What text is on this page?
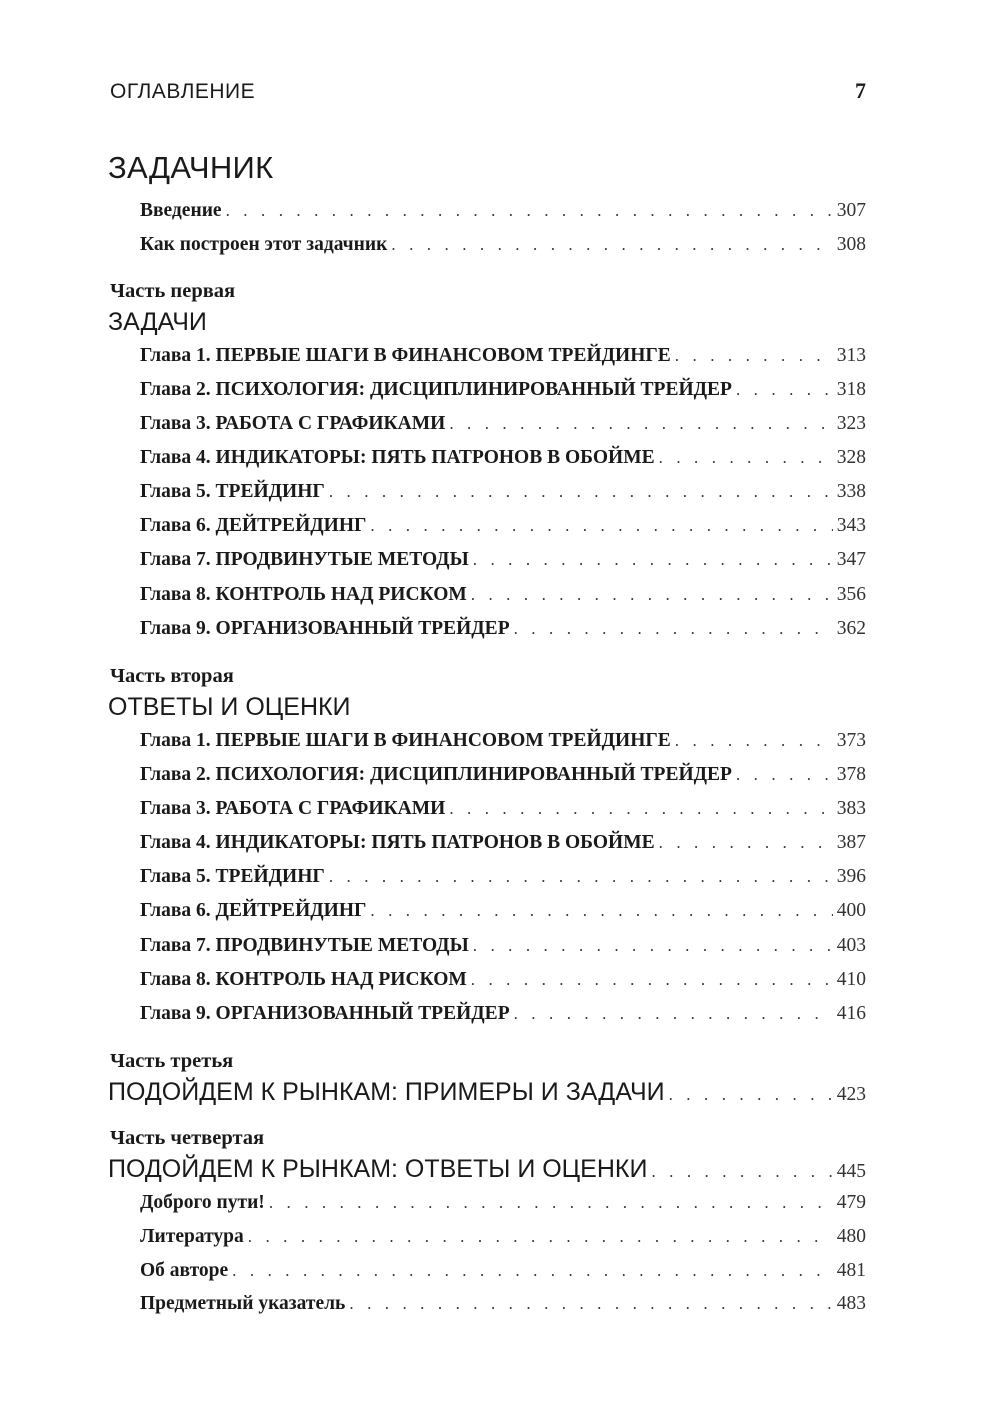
ОГЛАВЛЕНИЕ	7
ЗАДАЧНИК
Введение . . .	307
Как построен этот задачник . . .	308
Часть первая
ЗАДАЧИ
Глава 1. ПЕРВЫЕ ШАГИ В ФИНАНСОВОМ ТРЕЙДИНГЕ . . .	313
Глава 2. ПСИХОЛОГИЯ: ДИСЦИПЛИНИРОВАННЫЙ ТРЕЙДЕР . . .	318
Глава 3. РАБОТА С ГРАФИКАМИ . . .	323
Глава 4. ИНДИКАТОРЫ: ПЯТЬ ПАТРОНОВ В ОБОЙМЕ . . .	328
Глава 5. ТРЕЙДИНГ . . .	338
Глава 6. ДЕЙТРЕЙДИНГ . . .	343
Глава 7. ПРОДВИНУТЫЕ МЕТОДЫ . . .	347
Глава 8. КОНТРОЛЬ НАД РИСКОМ . . .	356
Глава 9. ОРГАНИЗОВАННЫЙ ТРЕЙДЕР . . .	362
Часть вторая
ОТВЕТЫ И ОЦЕНКИ
Глава 1. ПЕРВЫЕ ШАГИ В ФИНАНСОВОМ ТРЕЙДИНГЕ . . .	373
Глава 2. ПСИХОЛОГИЯ: ДИСЦИПЛИНИРОВАННЫЙ ТРЕЙДЕР . . .	378
Глава 3. РАБОТА С ГРАФИКАМИ . . .	383
Глава 4. ИНДИКАТОРЫ: ПЯТЬ ПАТРОНОВ В ОБОЙМЕ . . .	387
Глава 5. ТРЕЙДИНГ . . .	396
Глава 6. ДЕЙТРЕЙДИНГ . . .	400
Глава 7. ПРОДВИНУТЫЕ МЕТОДЫ . . .	403
Глава 8. КОНТРОЛЬ НАД РИСКОМ . . .	410
Глава 9. ОРГАНИЗОВАННЫЙ ТРЕЙДЕР . . .	416
Часть третья
ПОДОЙДЕМ К РЫНКАМ: ПРИМЕРЫ И ЗАДАЧИ . . .	423
Часть четвертая
ПОДОЙДЕМ К РЫНКАМ: ОТВЕТЫ И ОЦЕНКИ . . .	445
Доброго пути! . . .	479
Литература . . .	480
Об авторе . . .	481
Предметный указатель . . .	483
